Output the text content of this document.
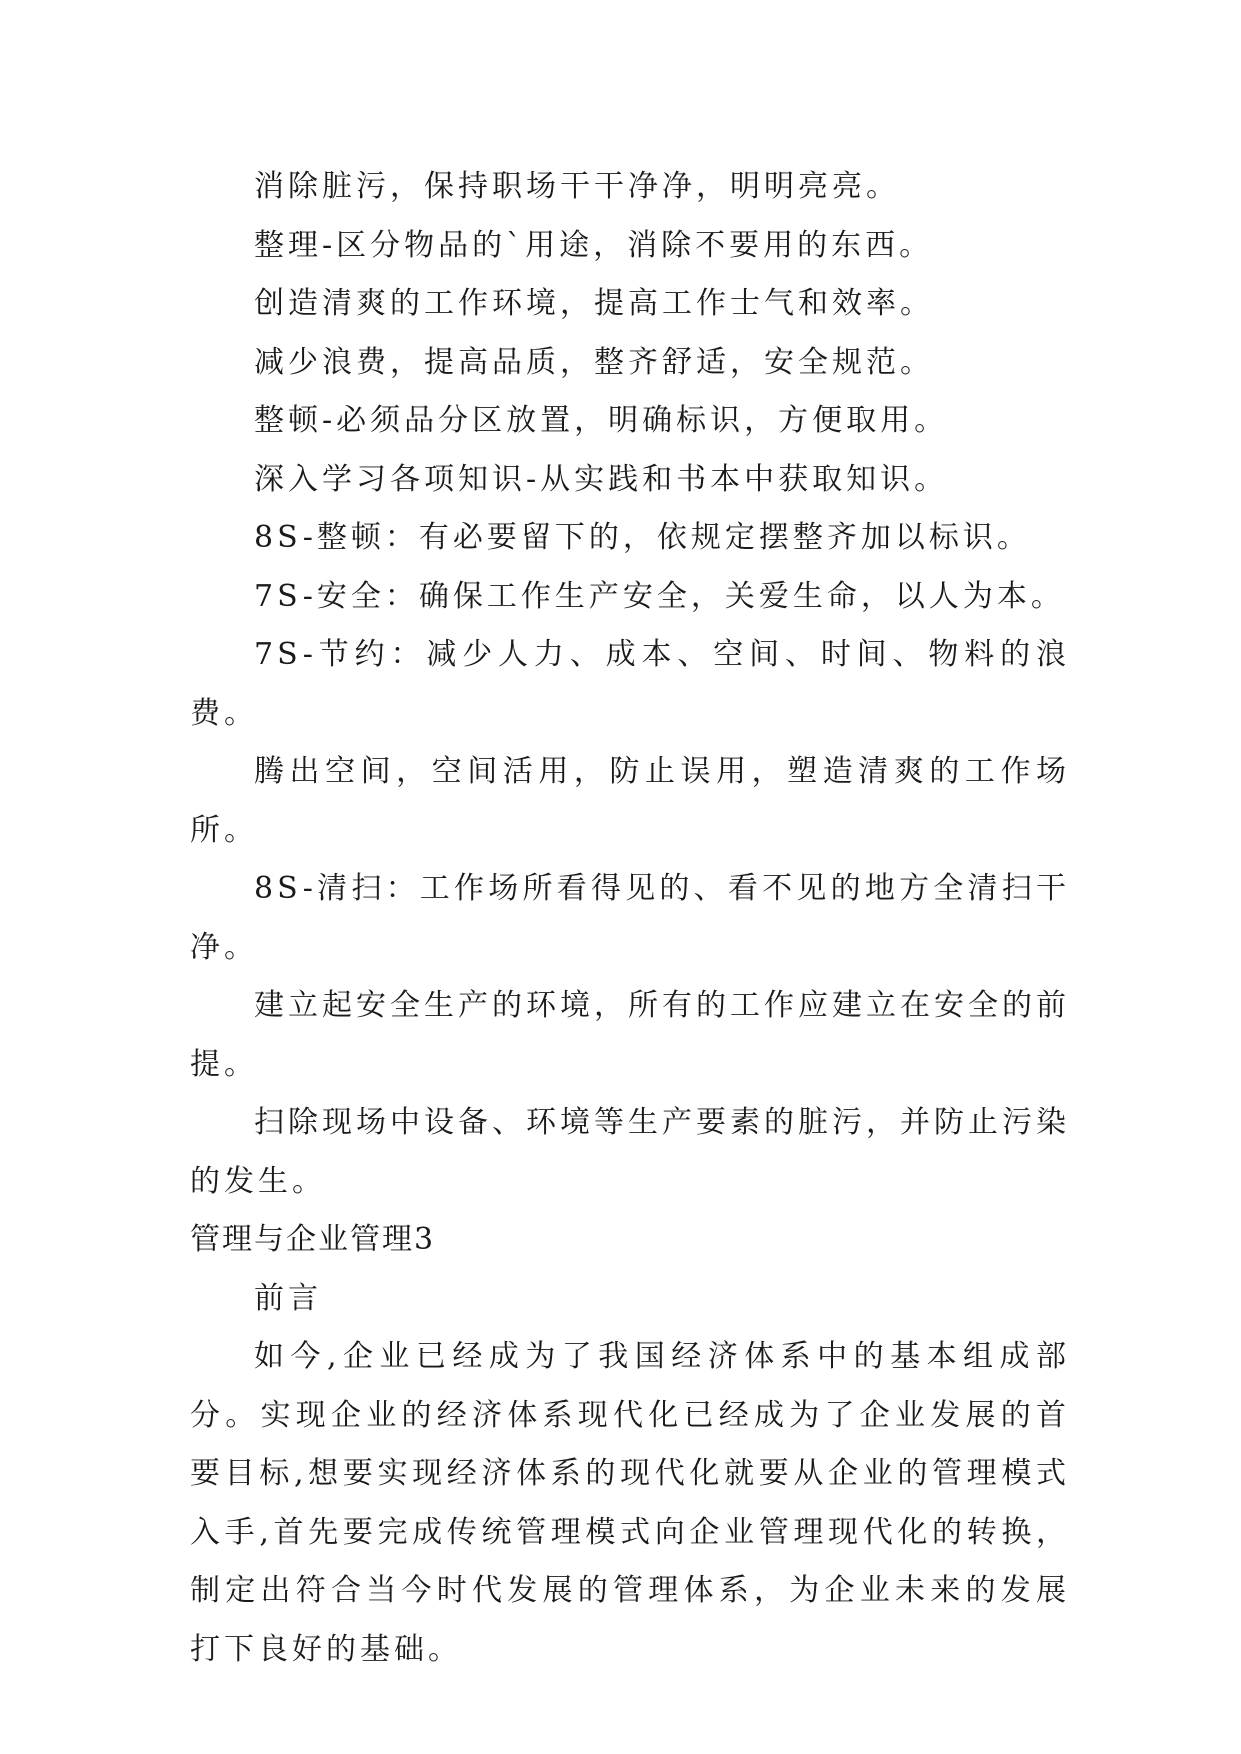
消除脏污，保持职场干干净净，明明亮亮。

整理-区分物品的`用途，消除不要用的东西。

创造清爽的工作环境，提高工作士气和效率。

减少浪费，提高品质，整齐舒适，安全规范。

整顿-必须品分区放置，明确标识，方便取用。

深入学习各项知识-从实践和书本中获取知识。

8S-整顿：有必要留下的，依规定摆整齐加以标识。

7S-安全：确保工作生产安全，关爱生命，以人为本。

7S-节约：减少人力、成本、空间、时间、物料的浪费。

腾出空间，空间活用，防止误用，塑造清爽的工作场所。

8S-清扫：工作场所看得见的、看不见的地方全清扫干净。

建立起安全生产的环境，所有的工作应建立在安全的前提。

扫除现场中设备、环境等生产要素的脏污，并防止污染的发生。

管理与企业管理3

前言

如今,企业已经成为了我国经济体系中的基本组成部分。实现企业的经济体系现代化已经成为了企业发展的首要目标,想要实现经济体系的现代化就要从企业的管理模式入手,首先要完成传统管理模式向企业管理现代化的转换，制定出符合当今时代发展的管理体系，为企业未来的发展打下良好的基础。
